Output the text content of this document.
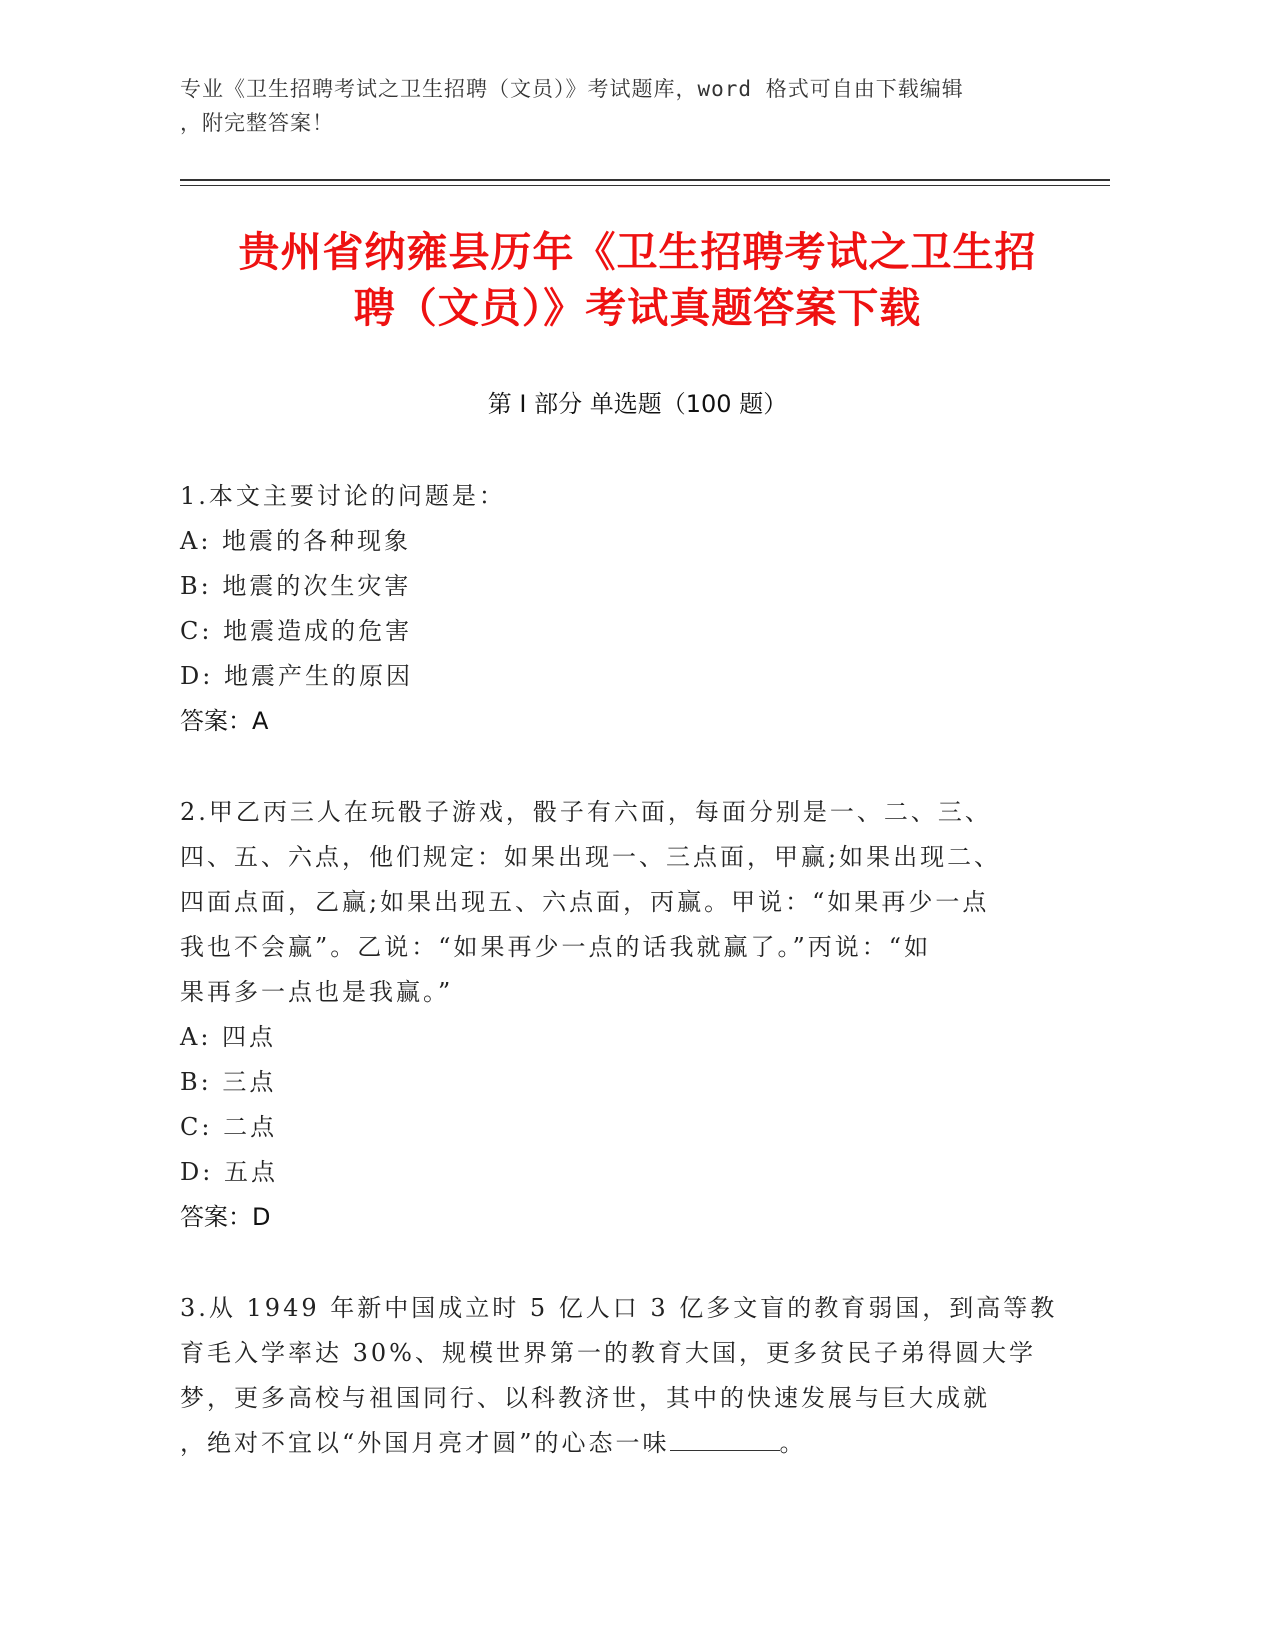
专业《卫生招聘考试之卫生招聘（文员）》考试题库，word 格式可自由下载编辑
，附完整答案！
贵州省纳雍县历年《卫生招聘考试之卫生招
聘（文员）》考试真题答案下载
第 I 部分 单选题（100 题）
1.本文主要讨论的问题是：
A: 地震的各种现象
B: 地震的次生灾害
C: 地震造成的危害
D: 地震产生的原因
答案：A
2.甲乙丙三人在玩骰子游戏，骰子有六面，每面分别是一、二、三、
四、五、六点，他们规定：如果出现一、三点面，甲赢;如果出现二、
四面点面，乙赢;如果出现五、六点面，丙赢。甲说：“如果再少一点
我也不会赢”。乙说：“如果再少一点的话我就赢了。”丙说：“如
果再多一点也是我赢。”
A: 四点
B: 三点
C: 二点
D: 五点
答案：D
3.从 1949 年新中国成立时 5 亿人口 3 亿多文盲的教育弱国，到高等教
育毛入学率达 30%、规模世界第一的教育大国，更多贫民子弟得圆大学
梦，更多高校与祖国同行、以科教济世，其中的快速发展与巨大成就
，绝对不宜以“外国月亮才圆”的心态一味	。
